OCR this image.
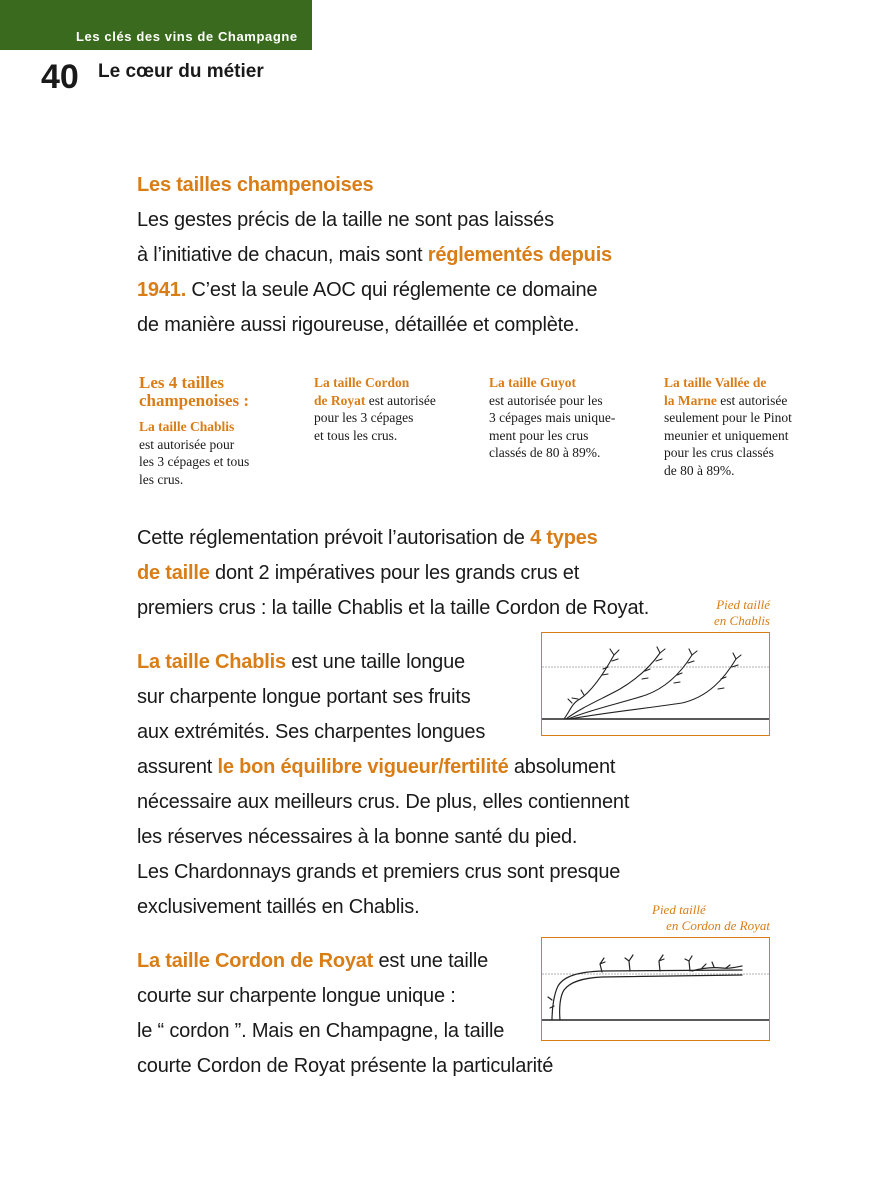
Les clés des vins de Champagne
40 Le cœur du métier
Les tailles champenoises
Les gestes précis de la taille ne sont pas laissés
à l’initiative de chacun, mais sont réglementés depuis
1941. C’est la seule AOC qui réglemente ce domaine
de manière aussi rigoureuse, détaillée et complète.
Les 4 tailles
champenoises :
La taille Chablis
est autorisée pour
les 3 cépages et tous
les crus.
La taille Cordon
de Royat est autorisée
pour les 3 cépages
et tous les crus.
La taille Guyot
est autorisée pour les
3 cépages mais unique-
ment pour les crus
classés de 80 à 89%.
La taille Vallée de
la Marne est autorisée
seulement pour le Pinot
meunier et uniquement
pour les crus classés
de 80 à 89%.
Cette réglementation prévoit l’autorisation de 4 types
de taille dont 2 impératives pour les grands crus et
premiers crus : la taille Chablis et la taille Cordon de Royat.	Pied taillé
en Chablis
La taille Chablis est une taille longue
sur charpente longue portant ses fruits
aux extrémités. Ses charpentes longues
assurent le bon équilibre vigueur/fertilité absolument
nécessaire aux meilleurs crus. De plus, elles contiennent
les réserves nécessaires à la bonne santé du pied.
Les Chardonnays grands et premiers crus sont presque
exclusivement taillés en Chablis.	Pied taillé
en Cordon de Royat
La taille Cordon de Royat est une taille
courte sur charpente longue unique :
le “ cordon ”. Mais en Champagne, la taille
courte Cordon de Royat présente la particularité
